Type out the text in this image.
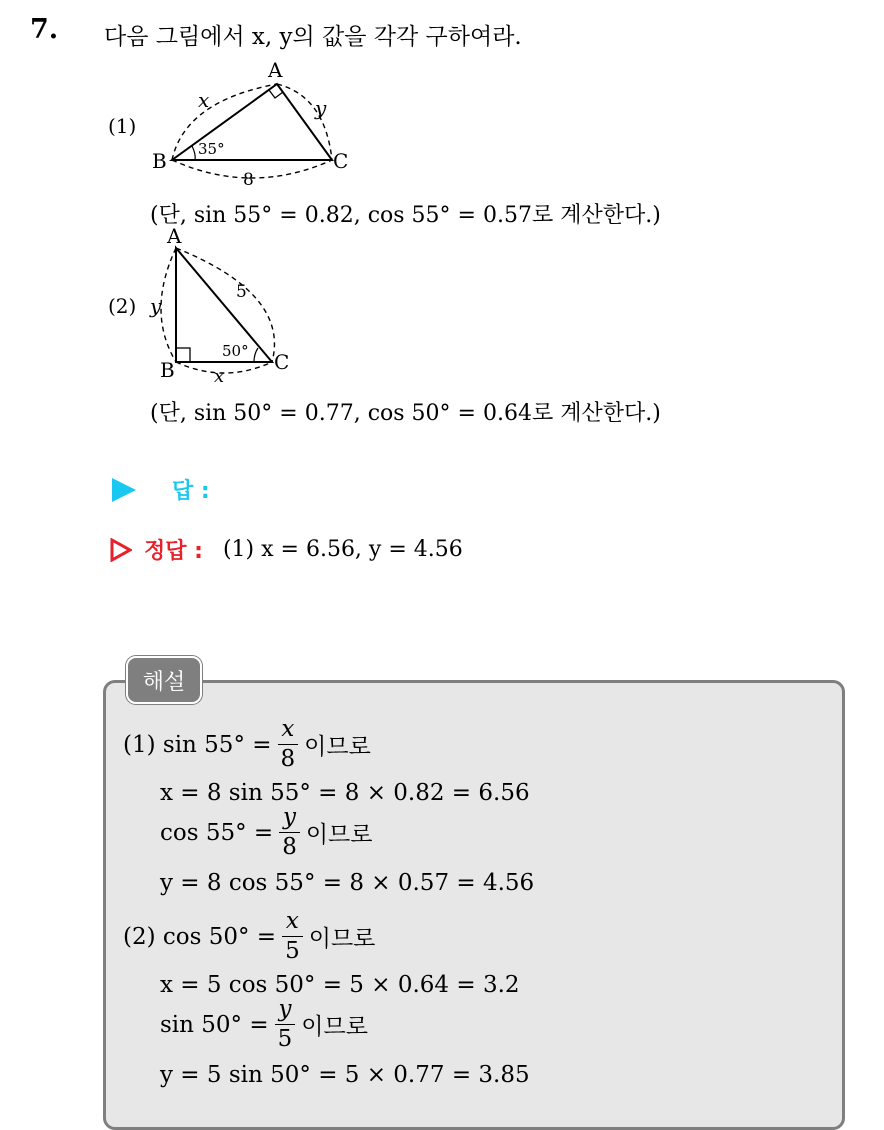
7. 다음 그림에서 x, y의 값을 각각 구하여라.
(1)
A
B	C
x	y
8
35°
(단, sin 55° = 0.82, cos 55° = 0.57로 계산한다.)
(2)
A
B	C
y
5
x
50°
(단, sin 50° = 0.77, cos 50° = 0.64로 계산한다.)
답 :
정답 : (1) x = 6.56, y = 4.56
해설
(1) $\sin 55^\circ = \frac{x}{8}$ 이므로
x = 8 sin 55° = 8 × 0.82 = 6.56
$\cos 55^\circ = \frac{y}{8}$ 이므로
y = 8 cos 55° = 8 × 0.57 = 4.56
(2) $\cos 50^\circ = \frac{x}{5}$ 이므로
x = 5 cos 50° = 5 × 0.64 = 3.2
$\sin 50^\circ = \frac{y}{5}$ 이므로
y = 5 sin 50° = 5 × 0.77 = 3.85
